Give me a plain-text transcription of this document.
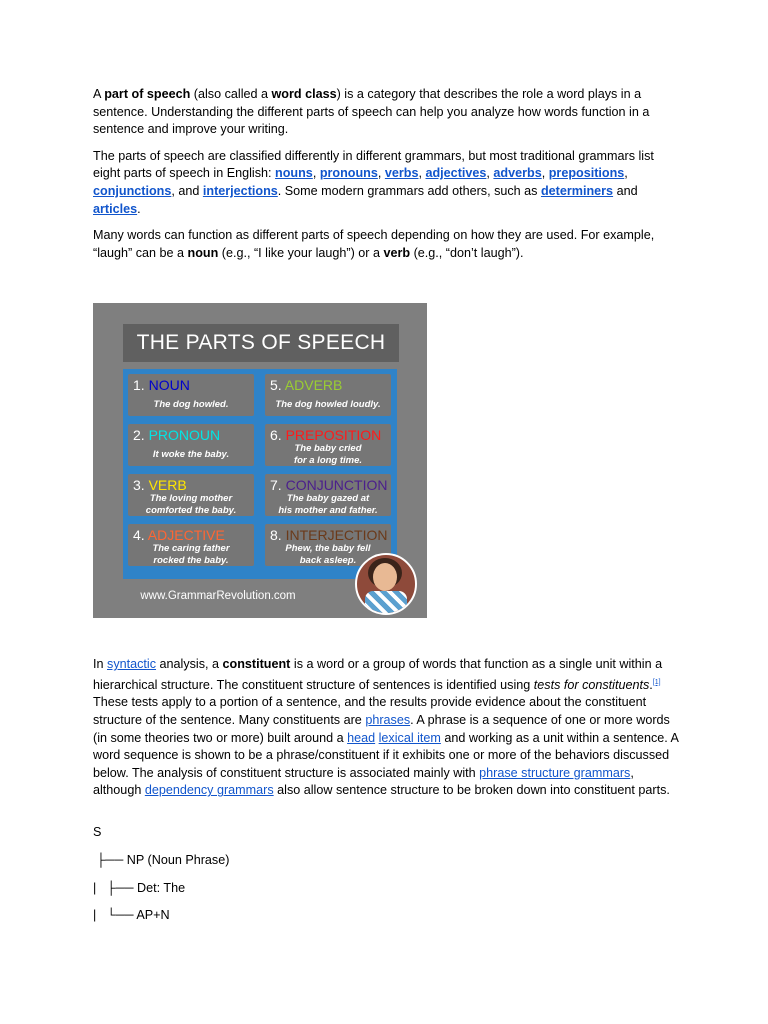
A part of speech (also called a word class) is a category that describes the role a word plays in a sentence. Understanding the different parts of speech can help you analyze how words function in a sentence and improve your writing.

The parts of speech are classified differently in different grammars, but most traditional grammars list eight parts of speech in English: nouns, pronouns, verbs, adjectives, adverbs, prepositions, conjunctions, and interjections. Some modern grammars add others, such as determiners and articles.

Many words can function as different parts of speech depending on how they are used. For example, “laugh” can be a noun (e.g., “I like your laugh”) or a verb (e.g., “don’t laugh”).

THE PARTS OF SPEECH
1. NOUN
The dog howled.
5. ADVERB
The dog howled loudly.
2. PRONOUN
It woke the baby.
6. PREPOSITION
The baby cried
for a long time.
3. VERB
The loving mother
comforted the baby.
7. CONJUNCTION
The baby gazed at
his mother and father.
4. ADJECTIVE
The caring father
rocked the baby.
8. INTERJECTION
Phew, the baby fell
back asleep.
www.GrammarRevolution.com
In syntactic analysis, a constituent is a word or a group of words that function as a single unit within a hierarchical structure. The constituent structure of sentences is identified using tests for constituents.[1] These tests apply to a portion of a sentence, and the results provide evidence about the constituent structure of the sentence. Many constituents are phrases. A phrase is a sequence of one or more words (in some theories two or more) built around a head lexical item and working as a unit within a sentence. A word sequence is shown to be a phrase/constituent if it exhibits one or more of the behaviors discussed below. The analysis of constituent structure is associated mainly with phrase structure grammars, although dependency grammars also allow sentence structure to be broken down into constituent parts.
S
├── NP (Noun Phrase)
|   ├── Det: The
|   └── AP+N
